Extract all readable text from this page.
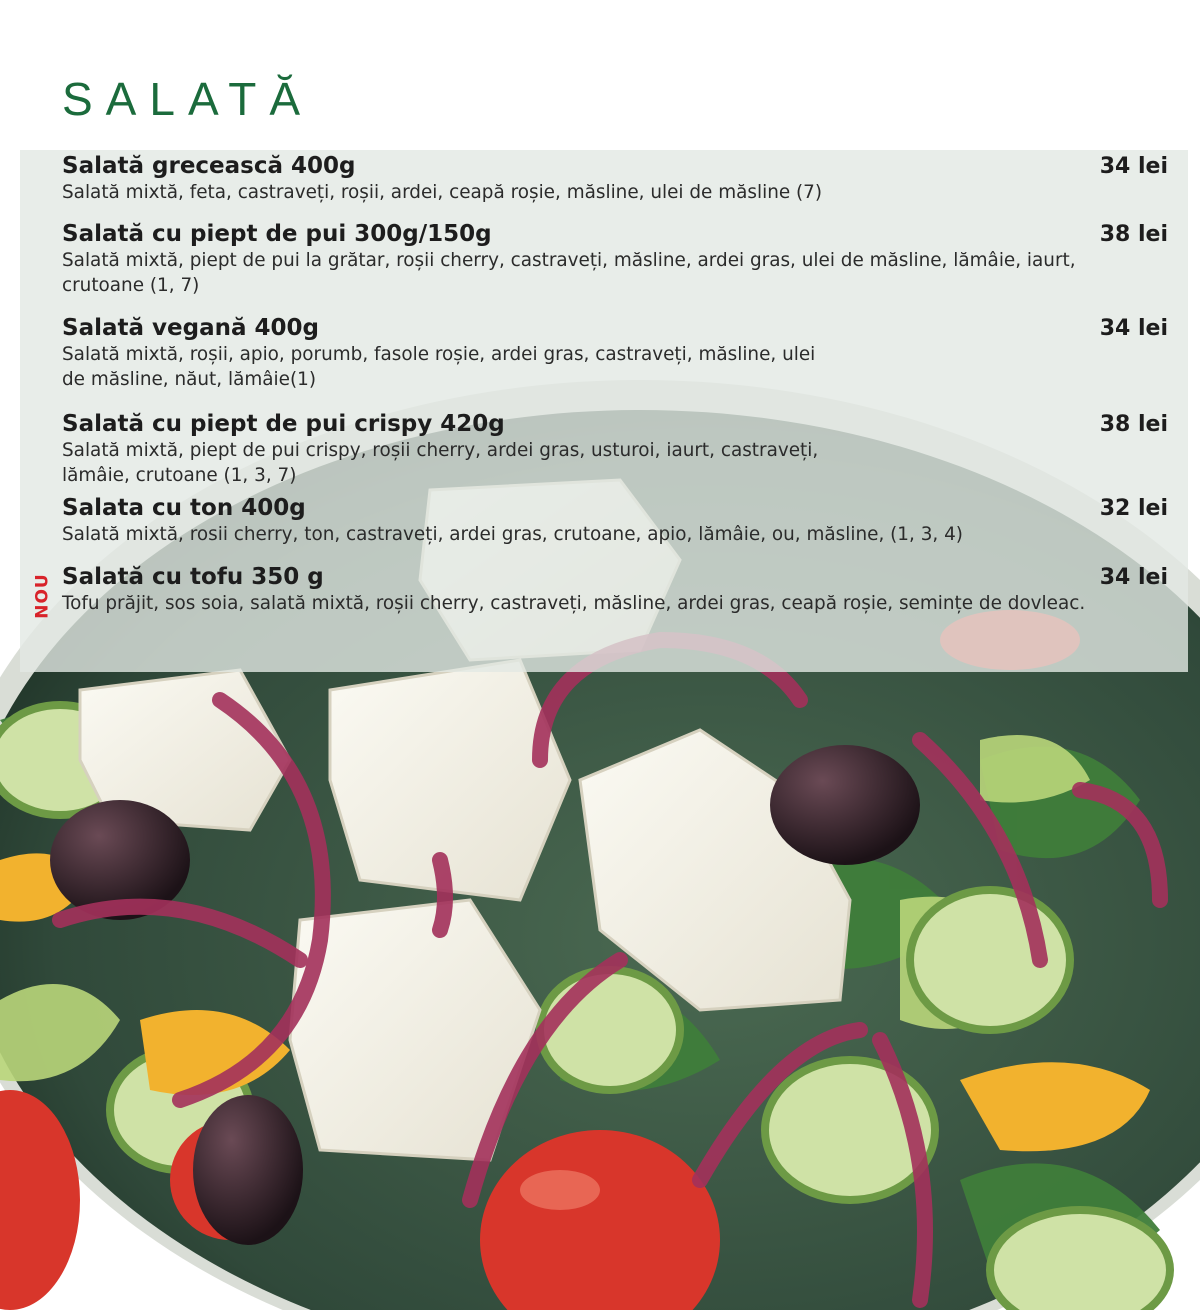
SALATĂ
NOU
Salată grecească 400g	34 lei
Salată mixtă, feta, castraveți, roșii, ardei, ceapă roșie, măsline, ulei de măsline (7)
Salată cu piept de pui 300g/150g	38 lei
Salată mixtă, piept de pui la grătar, roșii cherry, castraveți, măsline, ardei gras, ulei de măsline, lămâie, iaurt, crutoane (1, 7)
Salată vegană 400g	34 lei
Salată mixtă, roșii, apio, porumb, fasole roșie, ardei gras, castraveți, măsline, ulei de măsline, năut, lămâie(1)
Salată cu piept de pui crispy 420g	38 lei
Salată mixtă, piept de pui crispy, roșii cherry, ardei gras, usturoi, iaurt, castraveți, lămâie, crutoane (1, 3, 7)
Salata cu ton 400g	32 lei
Salată mixtă, rosii cherry, ton, castraveți, ardei gras, crutoane, apio, lămâie, ou, măsline, (1, 3, 4)
Salată cu tofu 350 g	34 lei
Tofu prăjit, sos soia, salată mixtă, roșii cherry, castraveți, măsline, ardei gras, ceapă roșie, semințe de dovleac.
